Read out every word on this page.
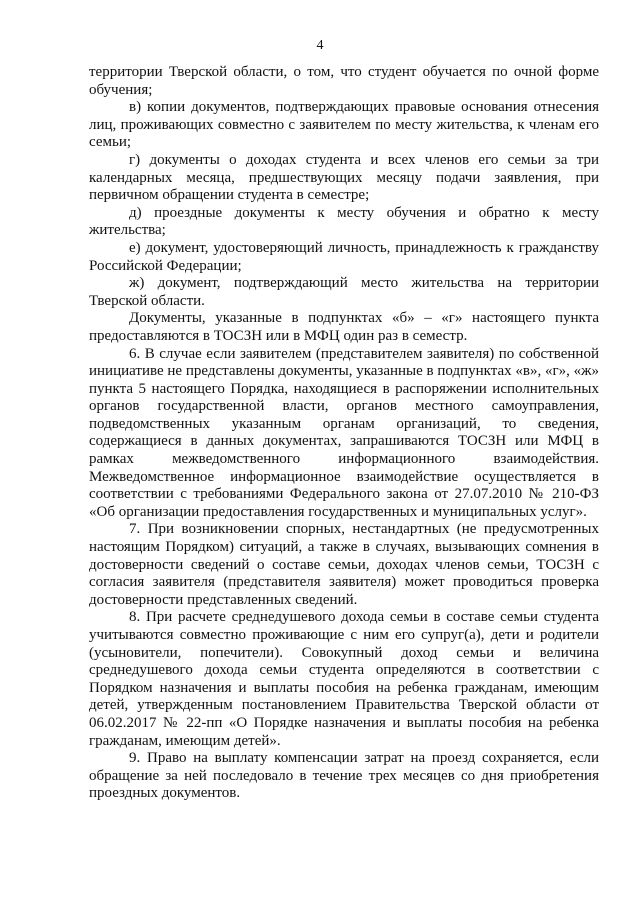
4

территории Тверской области, о том, что студент обучается по очной форме обучения;

в) копии документов, подтверждающих правовые основания отнесения лиц, проживающих совместно с заявителем по месту жительства, к членам его семьи;

г) документы о доходах студента и всех членов его семьи за три календарных месяца, предшествующих месяцу подачи заявления, при первичном обращении студента в семестре;

д) проездные документы к месту обучения и обратно к месту жительства;

е) документ, удостоверяющий личность, принадлежность к гражданству Российской Федерации;

ж) документ, подтверждающий место жительства на территории Тверской области.

Документы, указанные в подпунктах «б» – «г» настоящего пункта предоставляются в ТОСЗН или в МФЦ один раз в семестр.

6. В случае если заявителем (представителем заявителя) по собственной инициативе не представлены документы, указанные в подпунктах «в», «г», «ж» пункта 5 настоящего Порядка, находящиеся в распоряжении исполнительных органов государственной власти, органов местного самоуправления, подведомственных указанным органам организаций, то сведения, содержащиеся в данных документах, запрашиваются ТОСЗН или МФЦ в рамках межведомственного информационного взаимодействия. Межведомственное информационное взаимодействие осуществляется в соответствии с требованиями Федерального закона от 27.07.2010 № 210-ФЗ «Об организации предоставления государственных и муниципальных услуг».

7. При возникновении спорных, нестандартных (не предусмотренных настоящим Порядком) ситуаций, а также в случаях, вызывающих сомнения в достоверности сведений о составе семьи, доходах членов семьи, ТОСЗН с согласия заявителя (представителя заявителя) может проводиться проверка достоверности представленных сведений.

8. При расчете среднедушевого дохода семьи в составе семьи студента учитываются совместно проживающие с ним его супруг(а), дети и родители (усыновители, попечители). Совокупный доход семьи и величина среднедушевого дохода семьи студента определяются в соответствии с Порядком назначения и выплаты пособия на ребенка гражданам, имеющим детей, утвержденным постановлением Правительства Тверской области от 06.02.2017 № 22-пп «О Порядке назначения и выплаты пособия на ребенка гражданам, имеющим детей».

9. Право на выплату компенсации затрат на проезд сохраняется, если обращение за ней последовало в течение трех месяцев со дня приобретения проездных документов.
